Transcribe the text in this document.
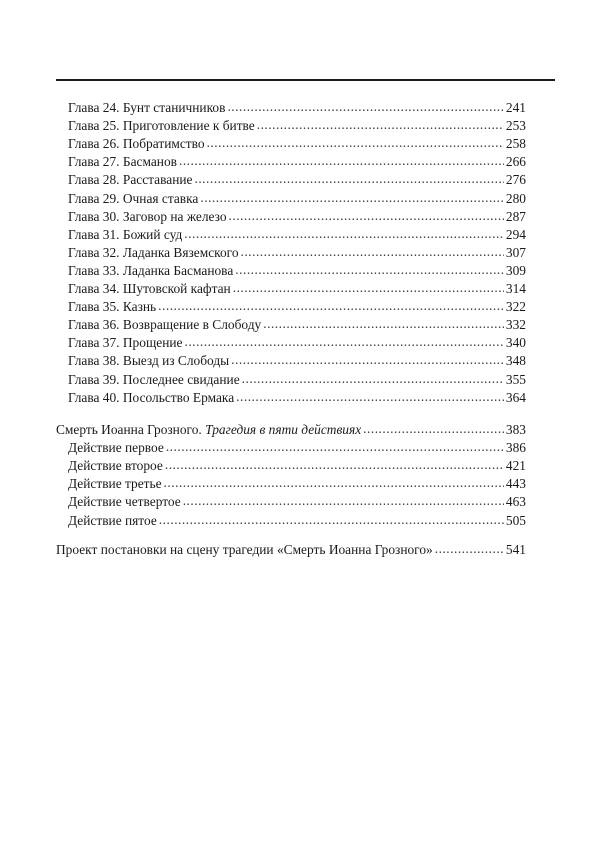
Глава 24. Бунт станичников .....	241
Глава 25. Приготовление к битве .....	253
Глава 26. Побратимство .....	258
Глава 27. Басманов .....	266
Глава 28. Расставание .....	276
Глава 29. Очная ставка .....	280
Глава 30. Заговор на железо .....	287
Глава 31. Божий суд .....	294
Глава 32. Ладанка Вяземского .....	307
Глава 33. Ладанка Басманова .....	309
Глава 34. Шутовской кафтан .....	314
Глава 35. Казнь .....	322
Глава 36. Возвращение в Слободу .....	332
Глава 37. Прощение .....	340
Глава 38. Выезд из Слободы .....	348
Глава 39. Последнее свидание .....	355
Глава 40. Посольство Ермака .....	364
Смерть Иоанна Грозного. Трагедия в пяти действиях .....	383
Действие первое .....	386
Действие второе .....	421
Действие третье .....	443
Действие четвертое .....	463
Действие пятое .....	505
Проект постановки на сцену трагедии «Смерть Иоанна Грозного» .....	541
